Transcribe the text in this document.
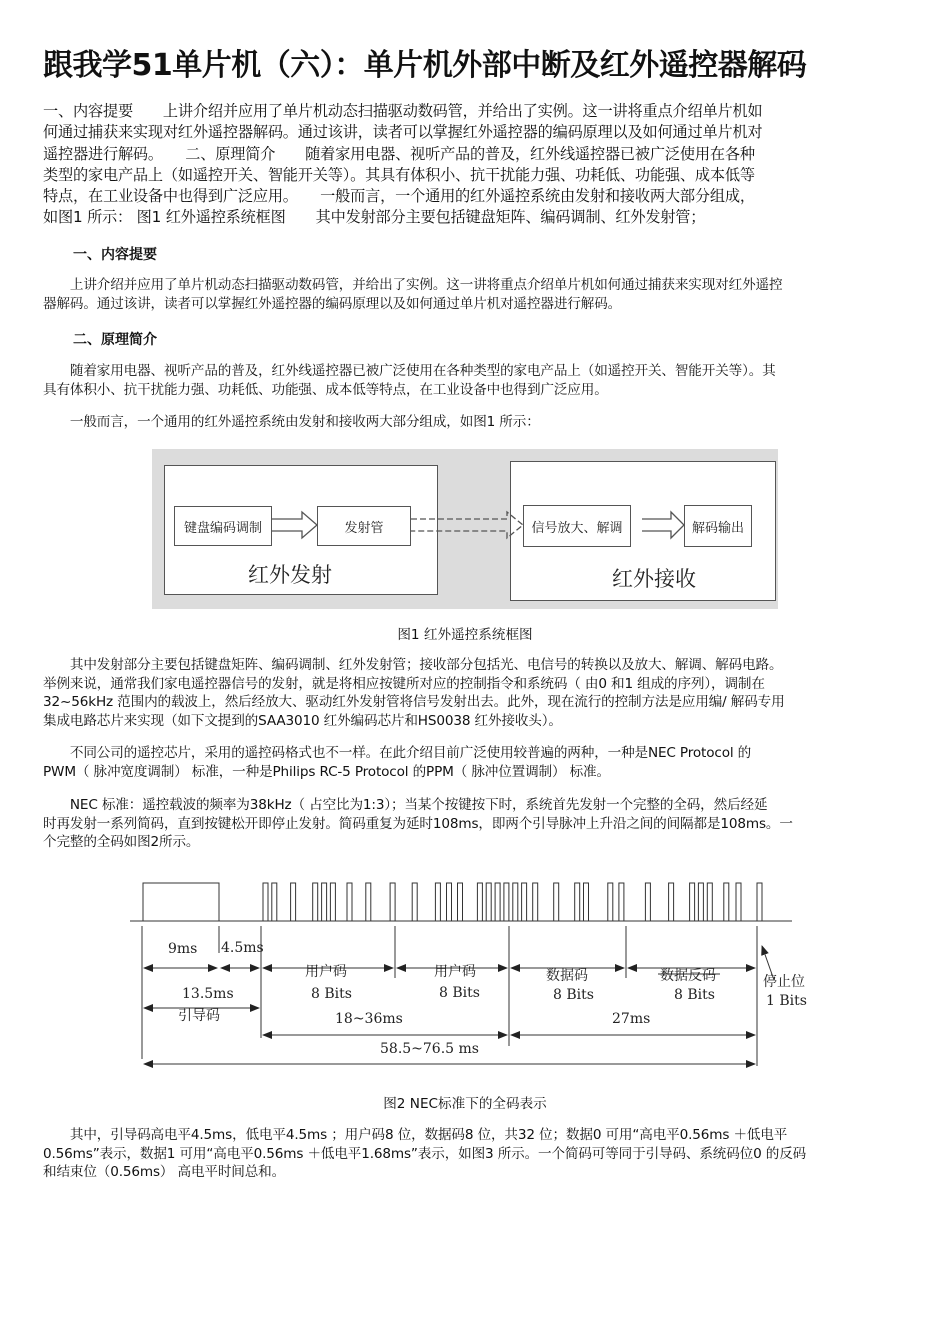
跟我学51单片机（六）：单片机外部中断及红外遥控器解码
一、内容提要　　上讲介绍并应用了单片机动态扫描驱动数码管，并给出了实例。这一讲将重点介绍单片机如
何通过捕获来实现对红外遥控器解码。通过该讲，读者可以掌握红外遥控器的编码原理以及如何通过单片机对
遥控器进行解码。　　二、原理简介　　随着家用电器、视听产品的普及，红外线遥控器已被广泛使用在各种
类型的家电产品上（如遥控开关、智能开关等）。其具有体积小、抗干扰能力强、功耗低、功能强、成本低等
特点，在工业设备中也得到广泛应用。　　一般而言，一个通用的红外遥控系统由发射和接收两大部分组成，
如图1 所示： 图1 红外遥控系统框图　　其中发射部分主要包括键盘矩阵、编码调制、红外发射管；
一、内容提要
　　上讲介绍并应用了单片机动态扫描驱动数码管，并给出了实例。这一讲将重点介绍单片机如何通过捕获来实现对红外遥控
器解码。通过该讲，读者可以掌握红外遥控器的编码原理以及如何通过单片机对遥控器进行解码。
二、原理简介
　　随着家用电器、视听产品的普及，红外线遥控器已被广泛使用在各种类型的家电产品上（如遥控开关、智能开关等）。其
具有体积小、抗干扰能力强、功耗低、功能强、成本低等特点，在工业设备中也得到广泛应用。
　　一般而言，一个通用的红外遥控系统由发射和接收两大部分组成，如图1 所示：
键盘编码调制	发射管	信号放大、解调	解码输出
红外发射	红外接收
图1 红外遥控系统框图
　　其中发射部分主要包括键盘矩阵、编码调制、红外发射管；接收部分包括光、电信号的转换以及放大、解调、解码电路。
举例来说，通常我们家电遥控器信号的发射，就是将相应按键所对应的控制指令和系统码（ 由0 和1 组成的序列），调制在
32~56kHz 范围内的载波上，然后经放大、驱动红外发射管将信号发射出去。此外，现在流行的控制方法是应用编/ 解码专用
集成电路芯片来实现（如下文提到的SAA3010 红外编码芯片和HS0038 红外接收头）。
　　不同公司的遥控芯片，采用的遥控码格式也不一样。在此介绍目前广泛使用较普遍的两种，一种是NEC Protocol 的
PWM（ 脉冲宽度调制） 标准，一种是Philips RC-5 Protocol 的PPM（ 脉冲位置调制） 标准。
　　NEC 标准：遥控载波的频率为38kHz（ 占空比为1:3）；当某个按键按下时，系统首先发射一个完整的全码，然后经延
时再发射一系列简码，直到按键松开即停止发射。简码重复为延时108ms，即两个引导脉冲上升沿之间的间隔都是108ms。一
个完整的全码如图2所示。
9ms 4.5ms
13.5ms
引导码
用户码
8 Bits
用户码
8 Bits
数据码
8 Bits
数据反码
8 Bits
停止位
1 Bits
18~36ms	27ms
58.5~76.5 ms
图2 NEC标准下的全码表示
　　其中，引导码高电平4.5ms，低电平4.5ms ；用户码8 位，数据码8 位，共32 位；数据0 可用“高电平0.56ms ＋低电平
0.56ms”表示，数据1 可用“高电平0.56ms ＋低电平1.68ms”表示，如图3 所示。一个简码可等同于引导码、系统码位0 的反码
和结束位（0.56ms） 高电平时间总和。
